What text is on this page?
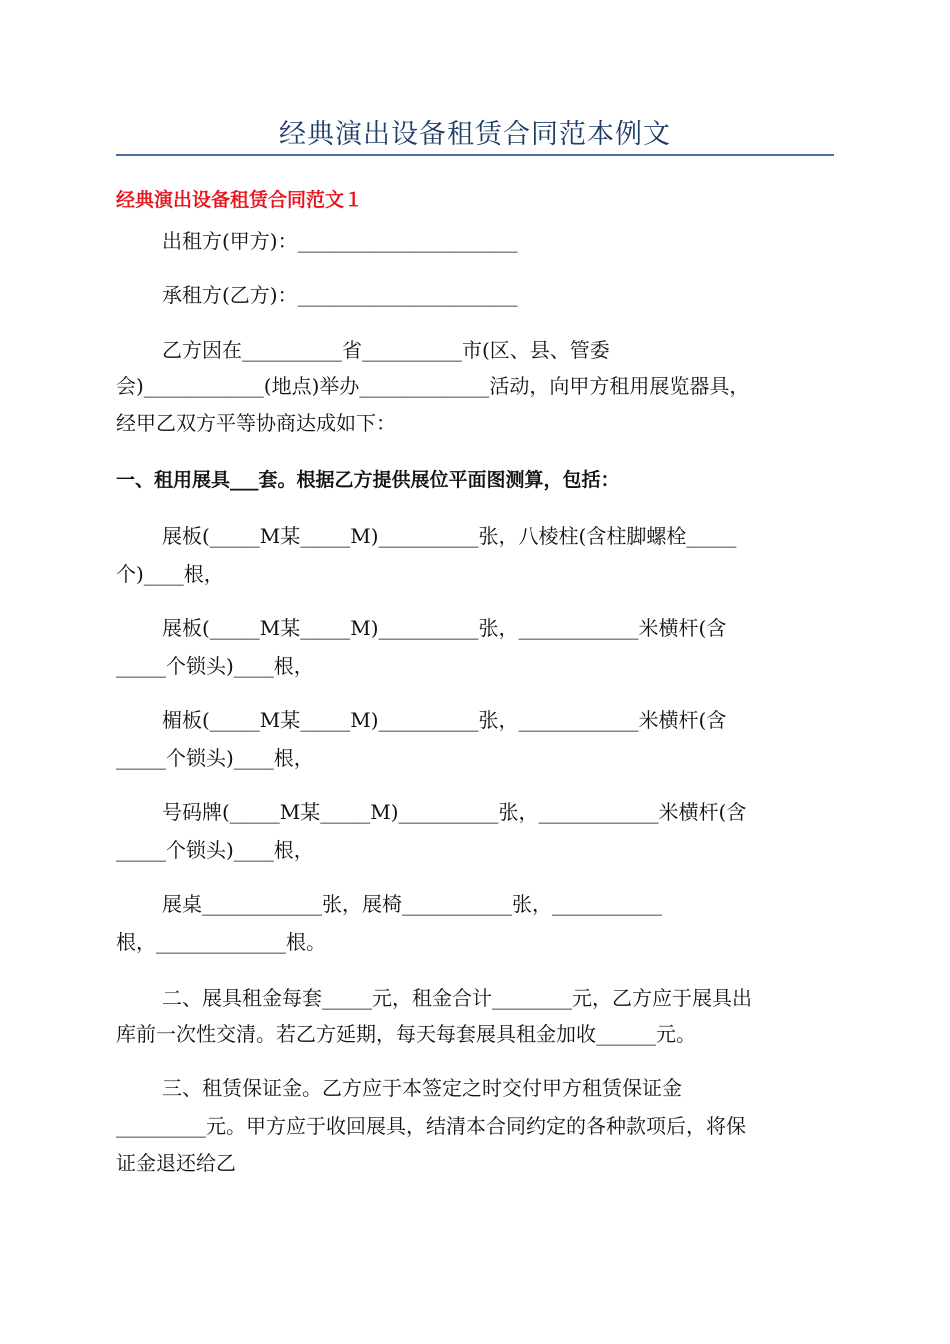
经典演出设备租赁合同范本例文
经典演出设备租赁合同范文１
出租方(甲方)：______________________
承租方(乙方)：______________________
乙方因在__________省__________市(区、县、管委
会)____________(地点)举办_____________活动，向甲方租用展览器具，
经甲乙双方平等协商达成如下：
一、租用展具___套。根据乙方提供展位平面图测算，包括：
展板(_____M某_____M)__________张，八棱柱(含柱脚螺栓_____
个)____根，
展板(_____M某_____M)__________张，____________米横杆(含
_____个锁头)____根，
楣板(_____M某_____M)__________张，____________米横杆(含
_____个锁头)____根，
号码牌(_____M某_____M)__________张，____________米横杆(含
_____个锁头)____根，
展桌____________张，展椅___________张，___________
根，_____________根。
二、展具租金每套_____元，租金合计________元，乙方应于展具出
库前一次性交清。若乙方延期，每天每套展具租金加收______元。
三、租赁保证金。乙方应于本签定之时交付甲方租赁保证金
_________元。甲方应于收回展具，结清本合同约定的各种款项后，将保
证金退还给乙
